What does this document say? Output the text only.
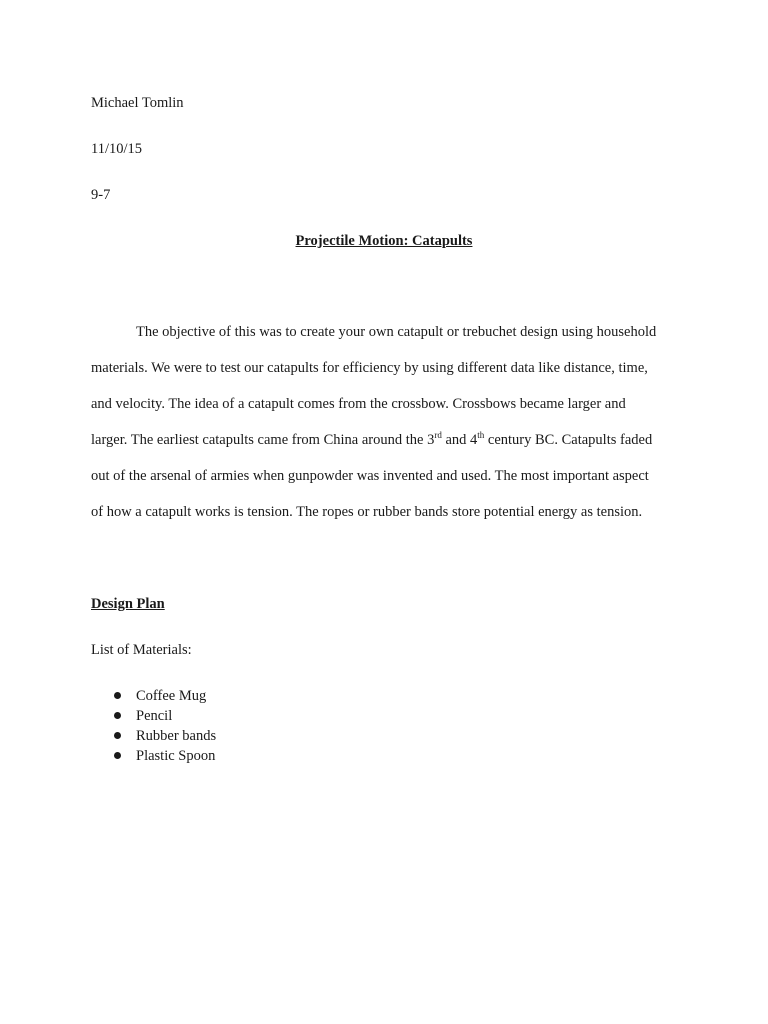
Michael Tomlin
11/10/15
9-7
Projectile Motion: Catapults
The objective of this was to create your own catapult or trebuchet design using household
materials. We were to test our catapults for efficiency by using different data like distance, time,
and velocity. The idea of a catapult comes from the crossbow. Crossbows became larger and
larger. The earliest catapults came from China around the 3rd and 4th century BC. Catapults faded
out of the arsenal of armies when gunpowder was invented and used. The most important aspect
of how a catapult works is tension. The ropes or rubber bands store potential energy as tension.
Design Plan
List of Materials:
Coffee Mug
Pencil
Rubber bands
Plastic Spoon
